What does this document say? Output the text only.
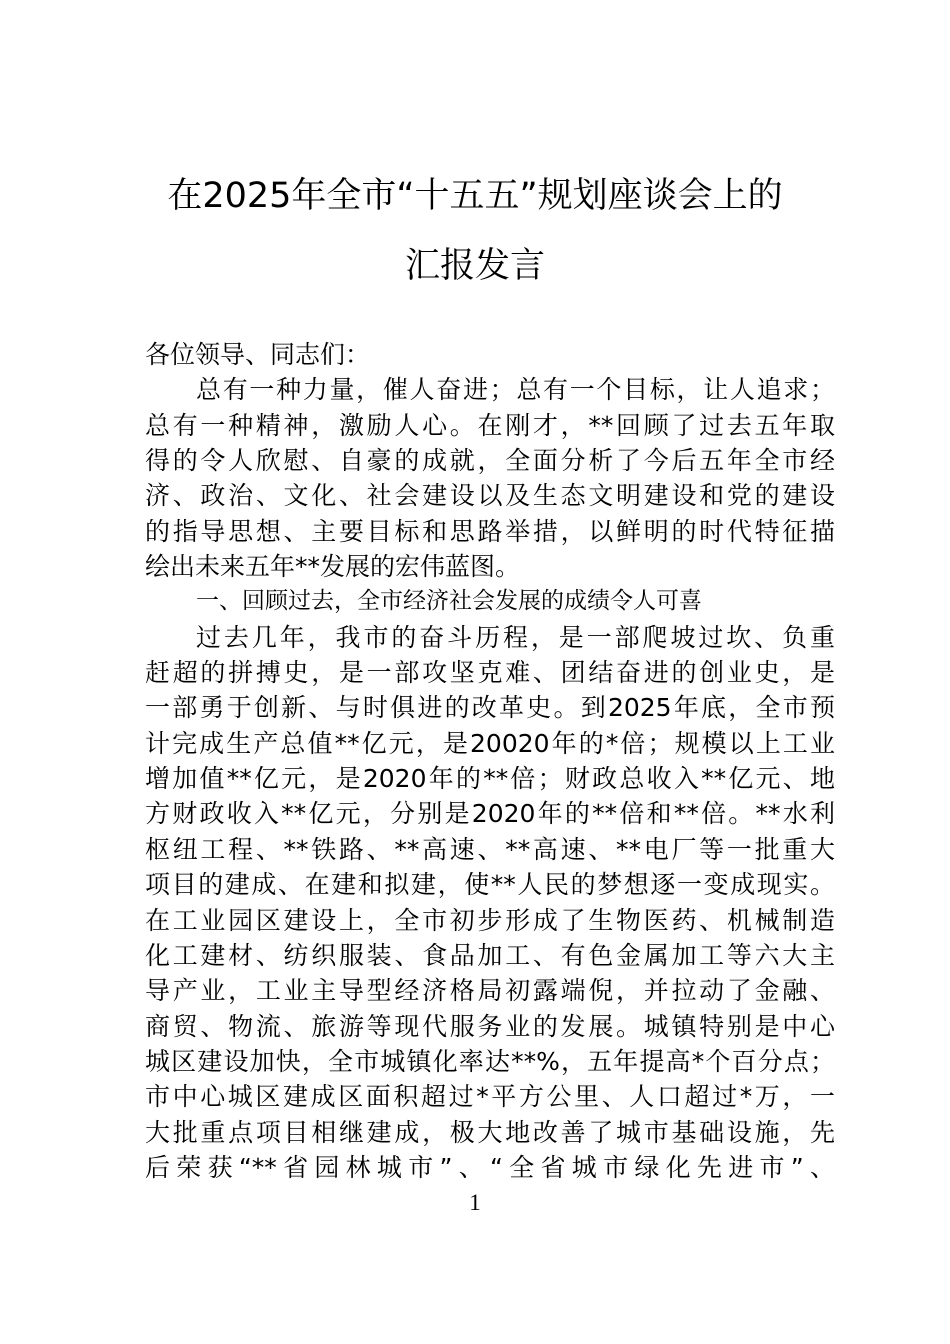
在2025年全市“十五五”规划座谈会上的
汇报发言
各位领导、同志们：
总有一种力量，催人奋进；总有一个目标，让人追求；
总有一种精神，激励人心。在刚才，**回顾了过去五年取
得的令人欣慰、自豪的成就，全面分析了今后五年全市经
济、政治、文化、社会建设以及生态文明建设和党的建设
的指导思想、主要目标和思路举措，以鲜明的时代特征描
绘出未来五年**发展的宏伟蓝图。
一、回顾过去，全市经济社会发展的成绩令人可喜
过去几年，我市的奋斗历程，是一部爬坡过坎、负重
赶超的拼搏史，是一部攻坚克难、团结奋进的创业史，是
一部勇于创新、与时俱进的改革史。到2025年底，全市预
计完成生产总值**亿元，是20020年的*倍；规模以上工业
增加值**亿元，是2020年的**倍；财政总收入**亿元、地
方财政收入**亿元，分别是2020年的**倍和**倍。**水利
枢纽工程、**铁路、**高速、**高速、**电厂等一批重大
项目的建成、在建和拟建，使**人民的梦想逐一变成现实。
在工业园区建设上，全市初步形成了生物医药、机械制造
化工建材、纺织服装、食品加工、有色金属加工等六大主
导产业，工业主导型经济格局初露端倪，并拉动了金融、
商贸、物流、旅游等现代服务业的发展。城镇特别是中心
城区建设加快，全市城镇化率达**%，五年提高*个百分点；
市中心城区建成区面积超过*平方公里、人口超过*万，一
大批重点项目相继建成，极大地改善了城市基础设施，先
后荣获“**省园林城市”、“全省城市绿化先进市”、
1
